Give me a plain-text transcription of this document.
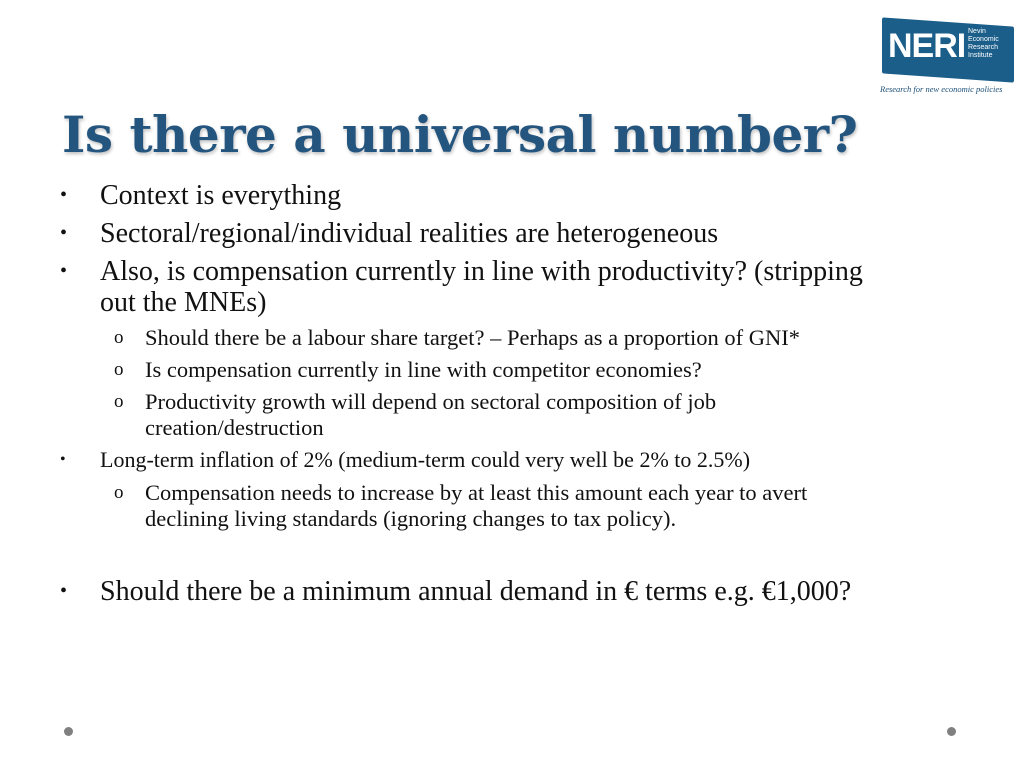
NERI Nevin
Economic
Research
Institute
Research for new economic policies
Is there a universal number?
• Context is everything
• Sectoral/regional/individual realities are heterogeneous
• Also, is compensation currently in line with productivity? (stripping
out the MNEs)
o Should there be a labour share target? – Perhaps as a proportion of GNI*
o Is compensation currently in line with competitor economies?
o Productivity growth will depend on sectoral composition of job
creation/destruction
• Long-term inflation of 2% (medium-term could very well be 2% to 2.5%)
o Compensation needs to increase by at least this amount each year to avert
declining living standards (ignoring changes to tax policy).
• Should there be a minimum annual demand in € terms e.g. €1,000?
